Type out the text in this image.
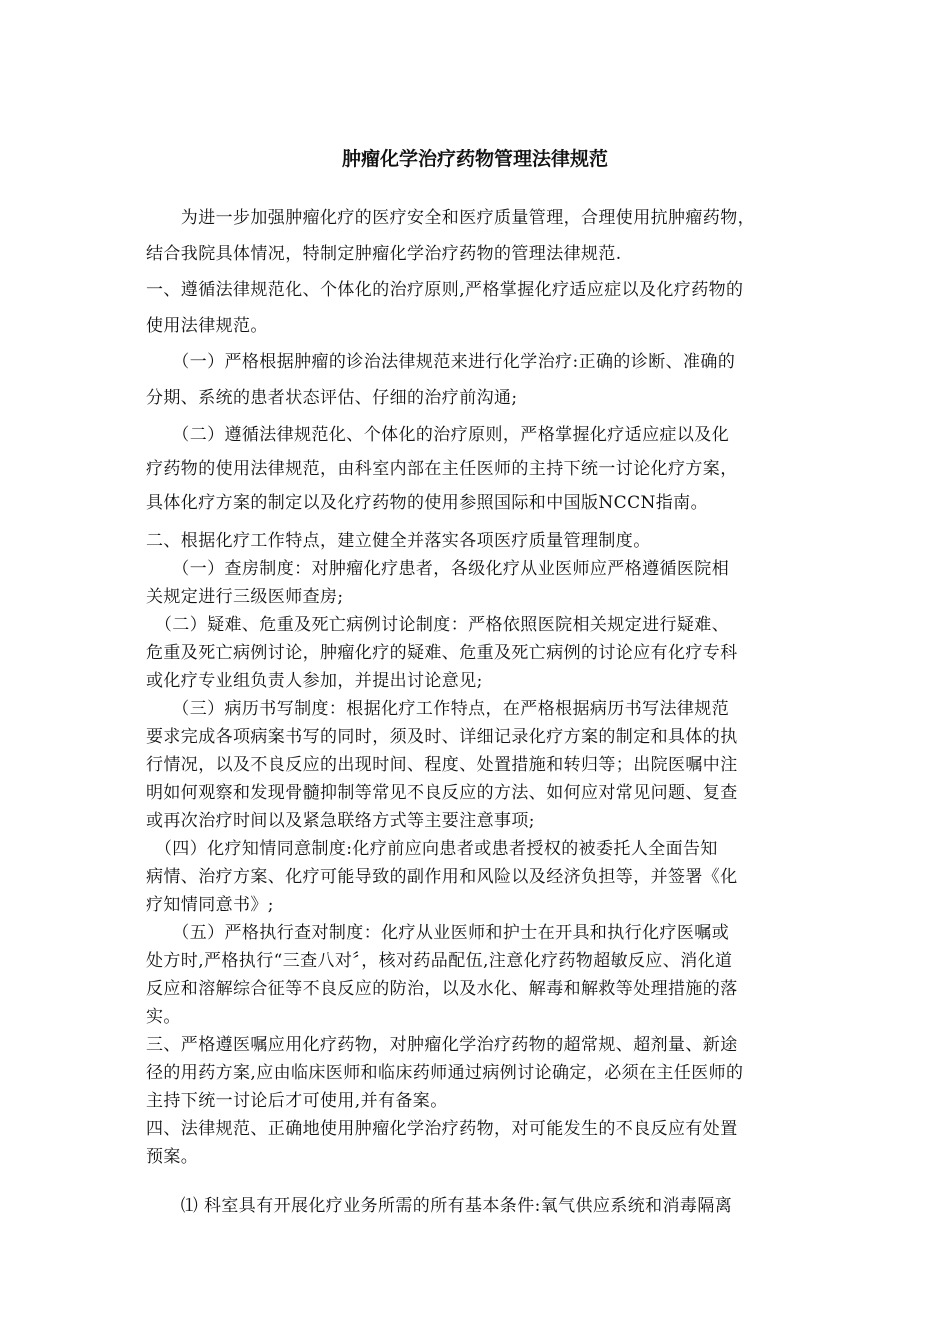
肿瘤化学治疗药物管理法律规范
　　为进一步加强肿瘤化疗的医疗安全和医疗质量管理，合理使用抗肿瘤药物，
结合我院具体情况，特制定肿瘤化学治疗药物的管理法律规范.
一、遵循法律规范化、个体化的治疗原则,严格掌握化疗适应症以及化疗药物的
使用法律规范。
　　（一）严格根据肿瘤的诊治法律规范来进行化学治疗:正确的诊断、准确的
分期、系统的患者状态评估、仔细的治疗前沟通;
　　（二）遵循法律规范化、个体化的治疗原则，严格掌握化疗适应症以及化
疗药物的使用法律规范，由科室内部在主任医师的主持下统一讨论化疗方案，
具体化疗方案的制定以及化疗药物的使用参照国际和中国版NCCN指南。
二、根据化疗工作特点，建立健全并落实各项医疗质量管理制度。
　　（一）查房制度：对肿瘤化疗患者，各级化疗从业医师应严格遵循医院相
关规定进行三级医师查房;
　（二）疑难、危重及死亡病例讨论制度：严格依照医院相关规定进行疑难、
危重及死亡病例讨论，肿瘤化疗的疑难、危重及死亡病例的讨论应有化疗专科
或化疗专业组负责人参加，并提出讨论意见;
　　（三）病历书写制度：根据化疗工作特点，在严格根据病历书写法律规范
要求完成各项病案书写的同时，须及时、详细记录化疗方案的制定和具体的执
行情况，以及不良反应的出现时间、程度、处置措施和转归等；出院医嘱中注
明如何观察和发现骨髓抑制等常见不良反应的方法、如何应对常见问题、复查
或再次治疗时间以及紧急联络方式等主要注意事项;
　（四）化疗知情同意制度:化疗前应向患者或患者授权的被委托人全面告知
病情、治疗方案、化疗可能导致的副作用和风险以及经济负担等，并签署《化
疗知情同意书》;
　　（五）严格执行查对制度：化疗从业医师和护士在开具和执行化疗医嘱或
处方时,严格执行“三查八对〞，核对药品配伍,注意化疗药物超敏反应、消化道
反应和溶解综合征等不良反应的防治，以及水化、解毒和解救等处理措施的落
实。
三、严格遵医嘱应用化疗药物，对肿瘤化学治疗药物的超常规、超剂量、新途
径的用药方案,应由临床医师和临床药师通过病例讨论确定，必须在主任医师的
主持下统一讨论后才可使用,并有备案。
四、法律规范、正确地使用肿瘤化学治疗药物，对可能发生的不良反应有处置
预案。
　　⑴ 科室具有开展化疗业务所需的所有基本条件:氧气供应系统和消毒隔离
